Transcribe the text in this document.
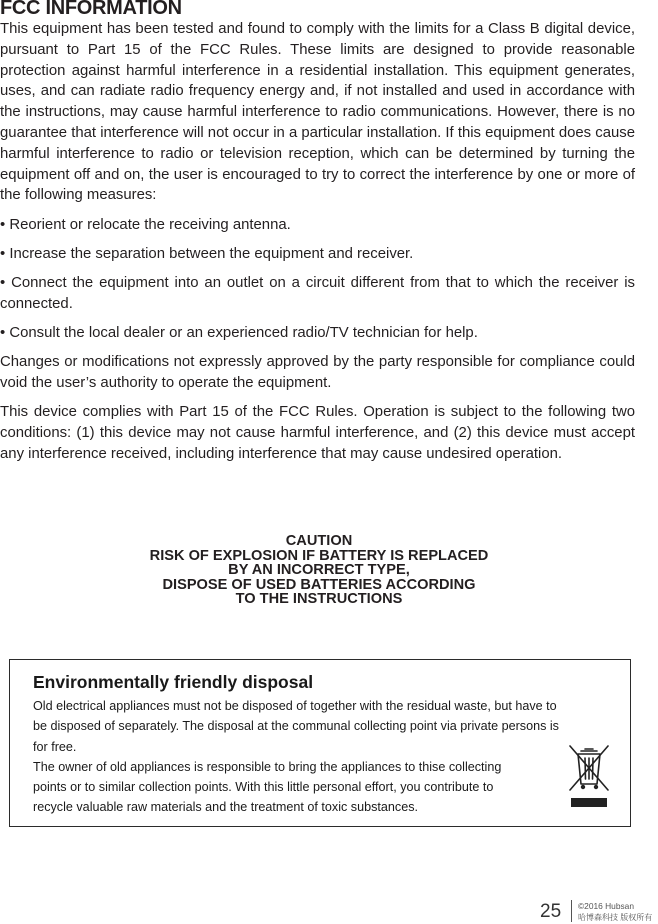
FCC INFORMATION

This equipment has been tested and found to comply with the limits for a Class B digital device, pursuant to Part 15 of the FCC Rules. These limits are designed to provide reasonable protection against harmful interference in a residential installation. This equipment generates, uses, and can radiate radio frequency energy and, if not installed and used in accordance with the instructions, may cause harmful interference to radio communications. However, there is no guarantee that interference will not occur in a particular installation. If this equipment does cause harmful interference to radio or television reception, which can be determined by turning the equipment off and on, the user is encouraged to try to correct the interference by one or more of the following measures:

• Reorient or relocate the receiving antenna.

• Increase the separation between the equipment and receiver.

• Connect the equipment into an outlet on a circuit different from that to which the receiver is connected.

• Consult the local dealer or an experienced radio/TV technician for help.

Changes or modifications not expressly approved by the party responsible for compliance could void the user’s authority to operate the equipment.

This device complies with Part 15 of the FCC Rules. Operation is subject to the following two conditions: (1) this device may not cause harmful interference, and (2) this device must accept any interference received, including interference that may cause undesired operation.

CAUTION
RISK OF EXPLOSION IF BATTERY IS REPLACED
BY AN INCORRECT TYPE,
DISPOSE OF USED BATTERIES ACCORDING
TO THE INSTRUCTIONS
Environmentally friendly disposal
Old electrical appliances must not be disposed of together with the residual waste, but have to
be disposed of separately. The disposal at the communal collecting point via private persons is
for free.
The owner of old appliances is responsible to bring the appliances to thise collecting
points or to similar collection points. With this little personal effort, you contribute to
recycle valuable raw materials and the treatment of toxic substances.
25 ©2016 Hubsan
哈博森科技 版权所有
